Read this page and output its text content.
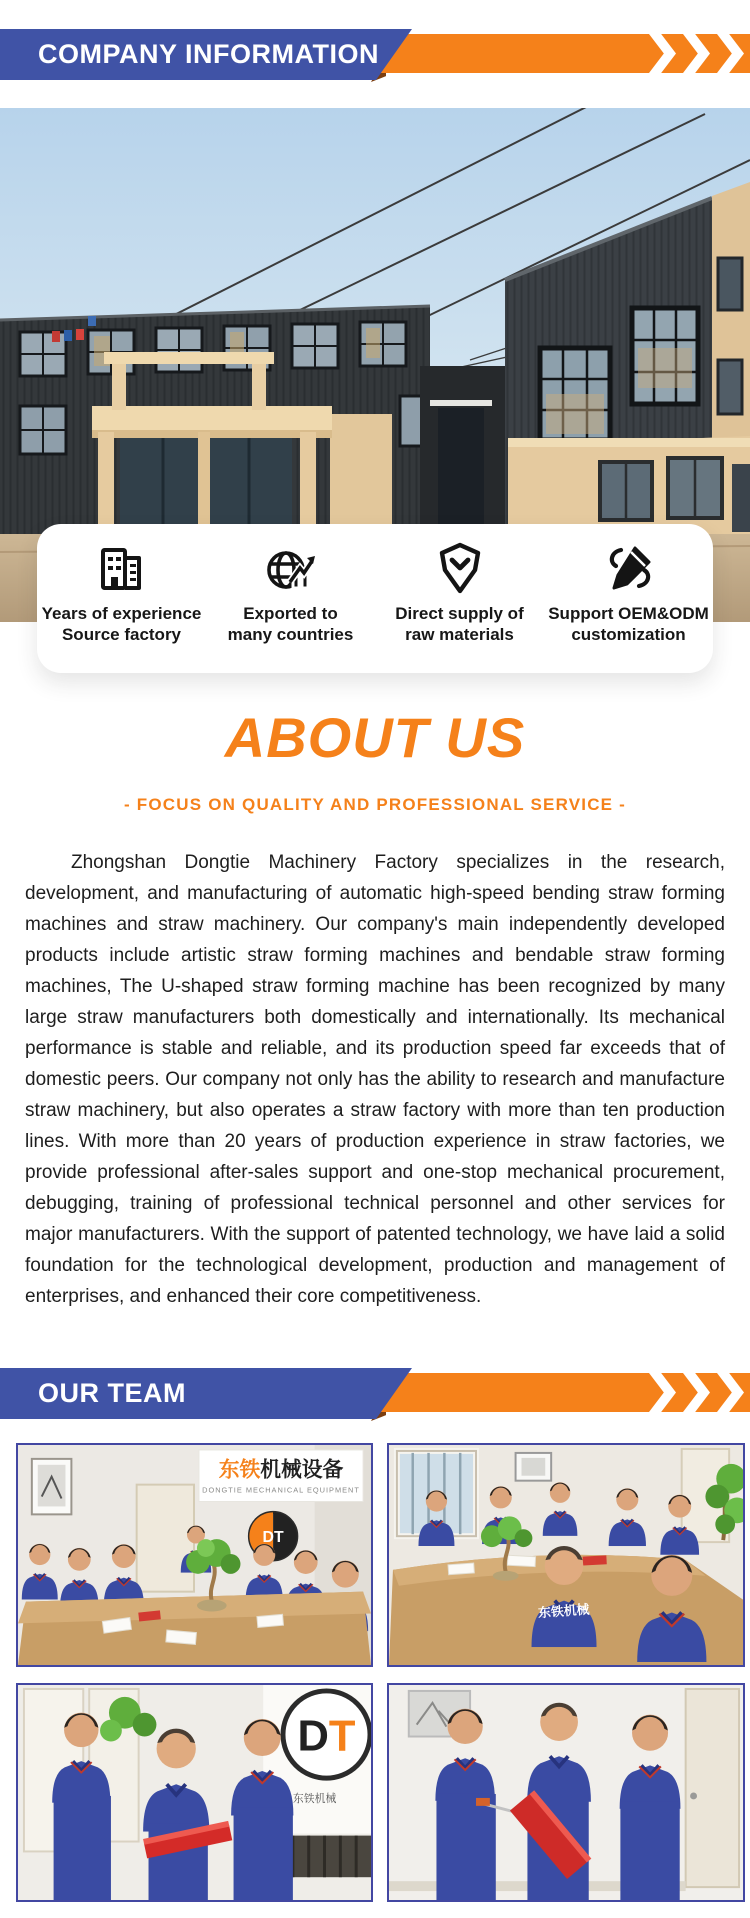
COMPANY INFORMATION
Years of experience
Source factory
Exported to
many countries
Direct supply of
raw materials
Support OEM&ODM
customization
ABOUT US
- FOCUS ON QUALITY AND PROFESSIONAL SERVICE -

Zhongshan Dongtie Machinery Factory specializes in the research, development, and manufacturing of automatic high-speed bending straw forming machines and straw machinery. Our company's main independently developed products include artistic straw forming machines and bendable straw forming machines, The U-shaped straw forming machine has been recognized by many large straw manufacturers both domestically and internationally. Its mechanical performance is stable and reliable, and its production speed far exceeds that of domestic peers. Our company not only has the ability to research and manufacture straw machinery, but also operates a straw factory with more than ten production lines. With more than 20 years of production experience in straw factories, we provide professional after-sales support and one-stop mechanical procurement, debugging, training of professional technical personnel and other services for major manufacturers. With the support of patented technology, we have laid a solid foundation for the technological development, production and management of enterprises, and enhanced their core competitiveness.

OUR TEAM
东铁机械设备
DONGTIE MECHANICAL EQUIPMENT
DT
东铁机械
DT
东铁机械
